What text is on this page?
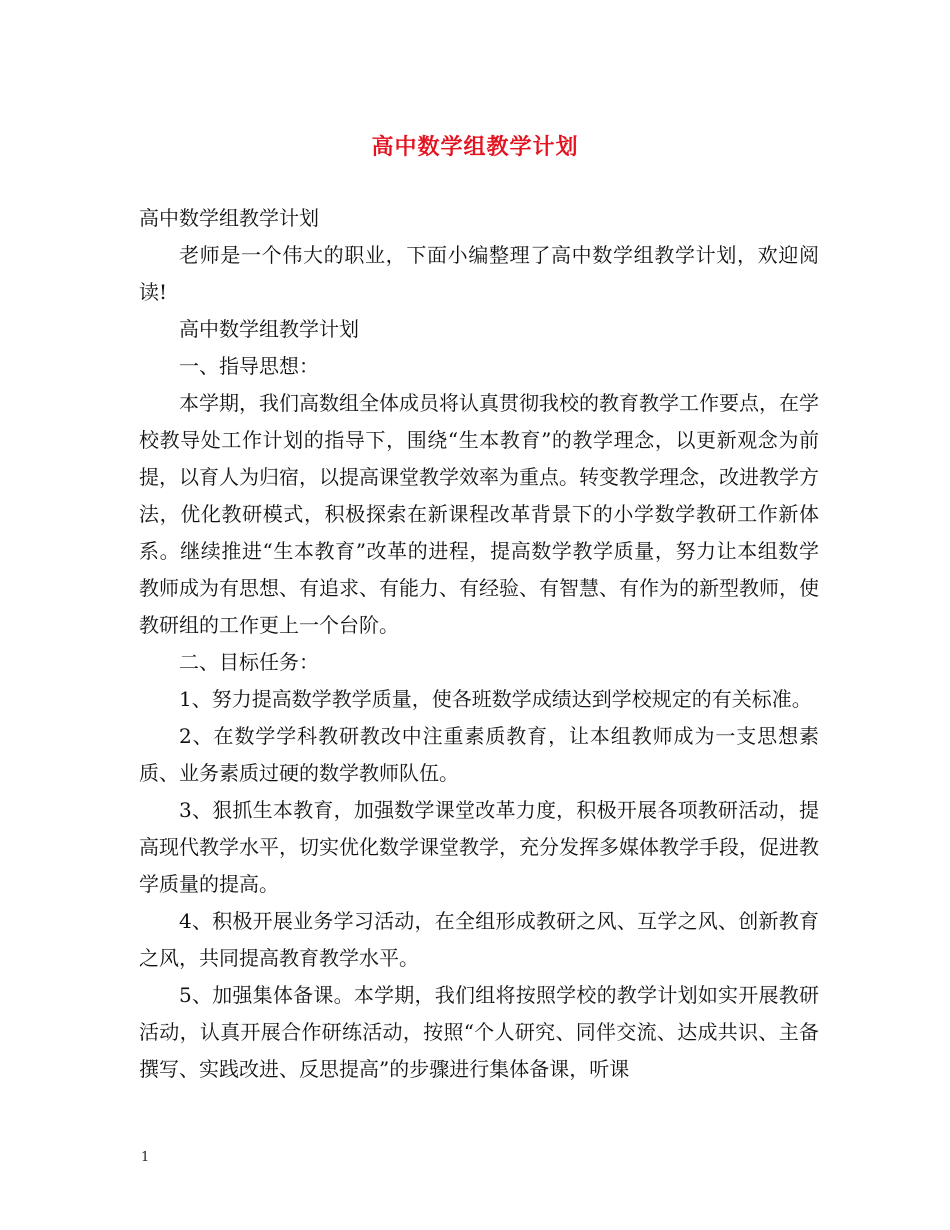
高中数学组教学计划

高中数学组教学计划

老师是一个伟大的职业，下面小编整理了高中数学组教学计划，欢迎阅读!

高中数学组教学计划

一、指导思想：

本学期，我们高数组全体成员将认真贯彻我校的教育教学工作要点，在学校教导处工作计划的指导下，围绕“生本教育”的教学理念，以更新观念为前提，以育人为归宿，以提高课堂教学效率为重点。转变教学理念，改进教学方法，优化教研模式，积极探索在新课程改革背景下的小学数学教研工作新体系。继续推进“生本教育”改革的进程，提高数学教学质量，努力让本组数学教师成为有思想、有追求、有能力、有经验、有智慧、有作为的新型教师，使教研组的工作更上一个台阶。

二、目标任务：

1、努力提高数学教学质量，使各班数学成绩达到学校规定的有关标准。

2、在数学学科教研教改中注重素质教育，让本组教师成为一支思想素质、业务素质过硬的数学教师队伍。

3、狠抓生本教育，加强数学课堂改革力度，积极开展各项教研活动，提高现代教学水平，切实优化数学课堂教学，充分发挥多媒体教学手段，促进教学质量的提高。

4、积极开展业务学习活动，在全组形成教研之风、互学之风、创新教育之风，共同提高教育教学水平。

5、加强集体备课。本学期，我们组将按照学校的教学计划如实开展教研活动，认真开展合作研练活动，按照“个人研究、同伴交流、达成共识、主备撰写、实践改进、反思提高”的步骤进行集体备课，听课

1
